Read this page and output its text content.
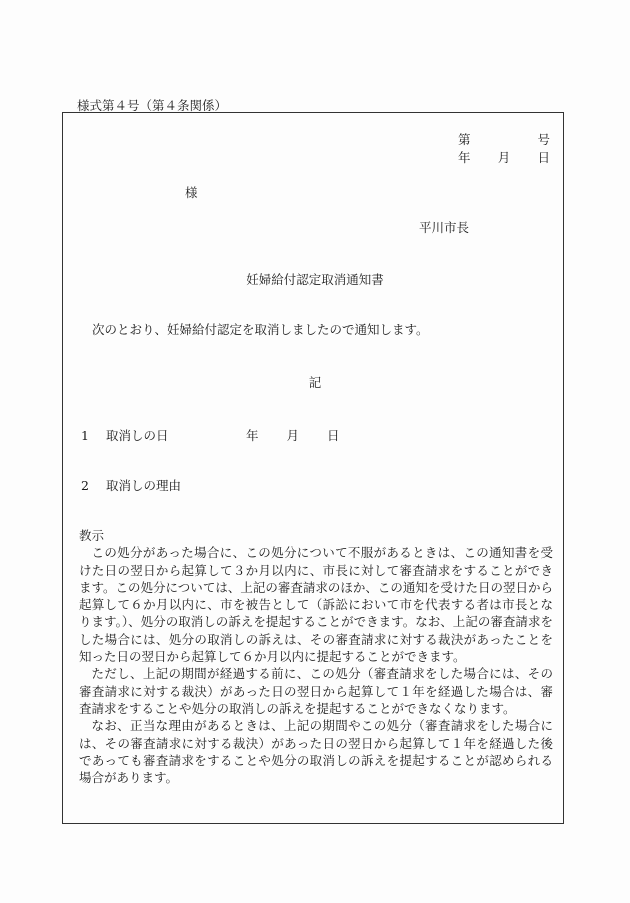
様式第４号（第４条関係）
第	号
年 月 日
様
平川市長
妊婦給付認定取消通知書
次のとおり、妊婦給付認定を取消しましたので通知します。
記
1 取消しの日	年 月 日
2 取消しの理由

教示

この処分があった場合に、この処分について不服があるときは、この通知書を受けた日の翌日から起算して３か月以内に、市長に対して審査請求をすることができます。この処分については、上記の審査請求のほか、この通知を受けた日の翌日から起算して６か月以内に、市を被告として（訴訟において市を代表する者は市長となります。）、処分の取消しの訴えを提起することができます。なお、上記の審査請求をした場合には、処分の取消しの訴えは、その審査請求に対する裁決があったことを知った日の翌日から起算して６か月以内に提起することができます。

ただし、上記の期間が経過する前に、この処分（審査請求をした場合には、その審査請求に対する裁決）があった日の翌日から起算して１年を経過した場合は、審査請求をすることや処分の取消しの訴えを提起することができなくなります。

なお、正当な理由があるときは、上記の期間やこの処分（審査請求をした場合には、その審査請求に対する裁決）があった日の翌日から起算して１年を経過した後であっても審査請求をすることや処分の取消しの訴えを提起することが認められる場合があります。
